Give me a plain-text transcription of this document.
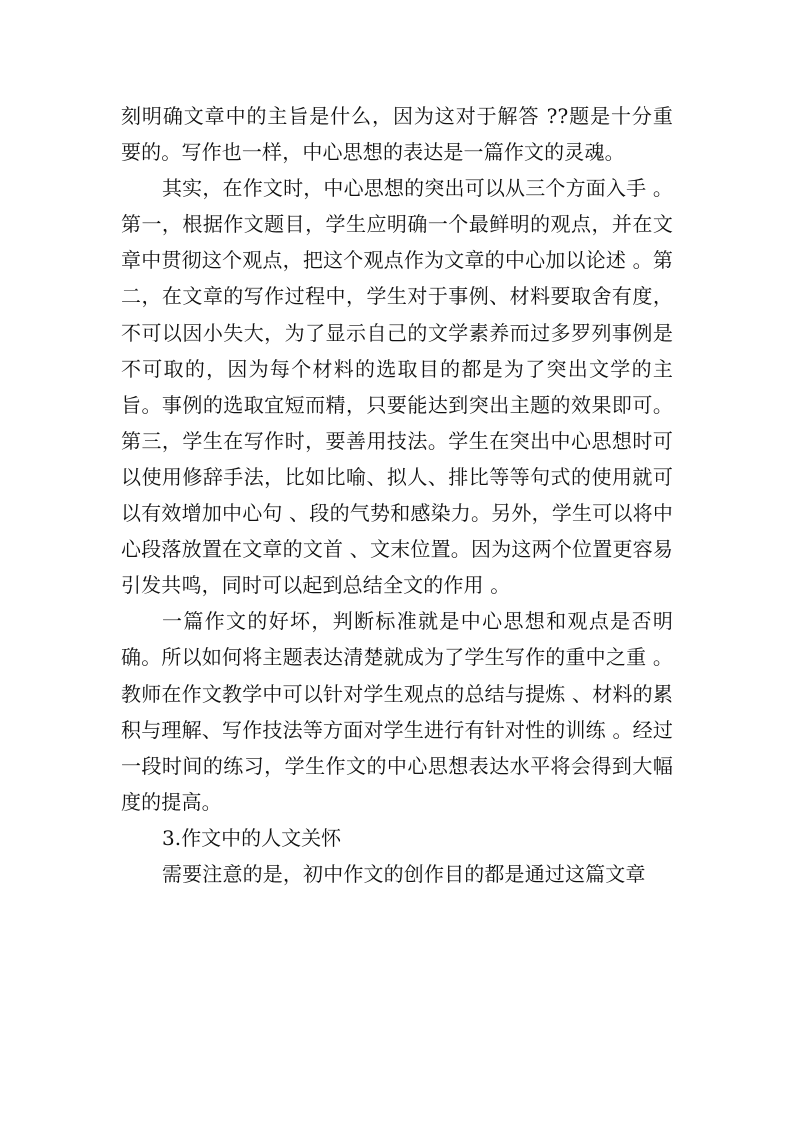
刻明确文章中的主旨是什么，因为这对于解答 ??题是十分重要的。写作也一样，中心思想的表达是一篇作文的灵魂。

其实，在作文时，中心思想的突出可以从三个方面入手 。第一，根据作文题目，学生应明确一个最鲜明的观点，并在文章中贯彻这个观点，把这个观点作为文章的中心加以论述 。第二，在文章的写作过程中，学生对于事例、材料要取舍有度，不可以因小失大，为了显示自己的文学素养而过多罗列事例是不可取的，因为每个材料的选取目的都是为了突出文学的主旨。事例的选取宜短而精，只要能达到突出主题的效果即可。第三，学生在写作时，要善用技法。学生在突出中心思想时可以使用修辞手法，比如比喻、拟人、排比等等句式的使用就可以有效增加中心句 、段的气势和感染力。另外，学生可以将中心段落放置在文章的文首 、文末位置。因为这两个位置更容易引发共鸣，同时可以起到总结全文的作用 。

一篇作文的好坏，判断标准就是中心思想和观点是否明确。所以如何将主题表达清楚就成为了学生写作的重中之重 。教师在作文教学中可以针对学生观点的总结与提炼 、材料的累积与理解、写作技法等方面对学生进行有针对性的训练 。经过一段时间的练习，学生作文的中心思想表达水平将会得到大幅度的提高。

3.作文中的人文关怀

需要注意的是，初中作文的创作目的都是通过这篇文章
